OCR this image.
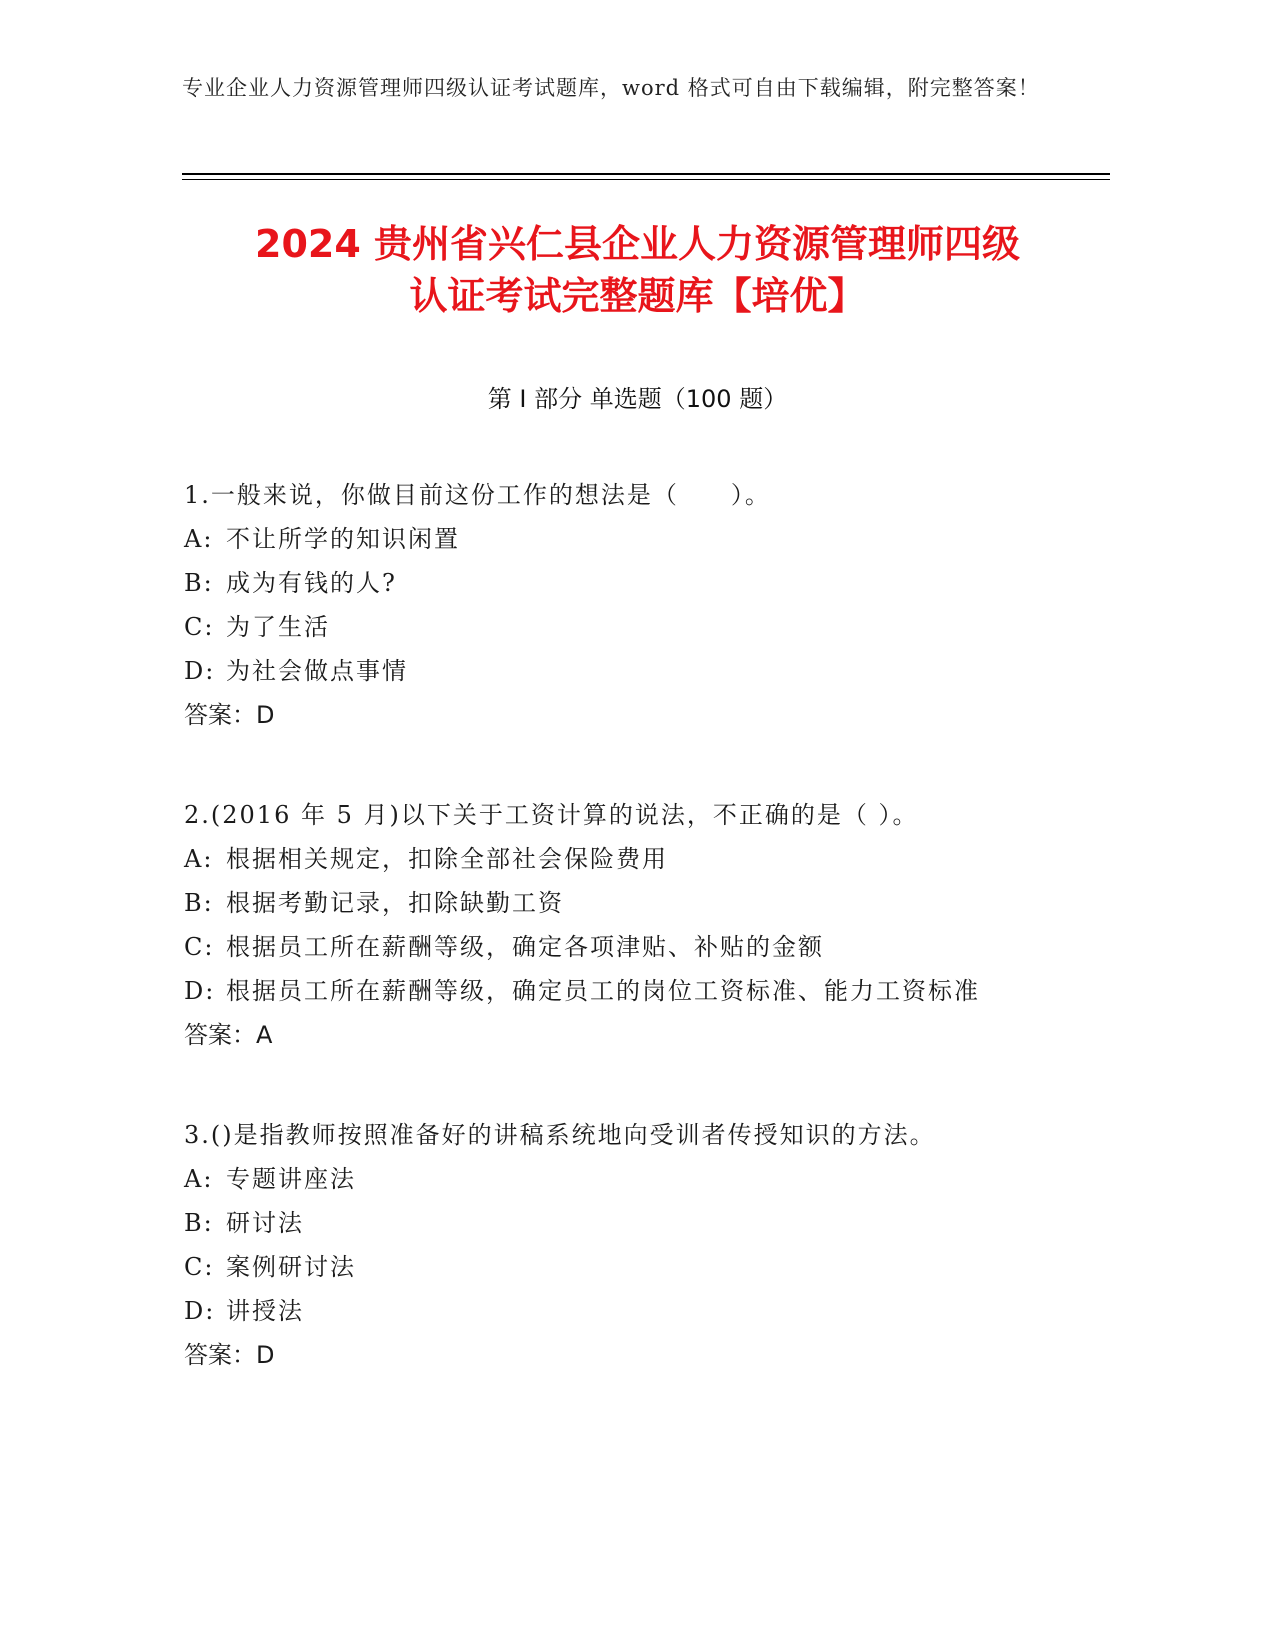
专业企业人力资源管理师四级认证考试题库，word 格式可自由下载编辑，附完整答案！
2024 贵州省兴仁县企业人力资源管理师四级
认证考试完整题库【培优】
第 I 部分 单选题（100 题）
1.一般来说，你做目前这份工作的想法是（　　）。
A: 不让所学的知识闲置
B: 成为有钱的人?
C: 为了生活
D: 为社会做点事情
答案：D
2.(2016 年 5 月)以下关于工资计算的说法，不正确的是（ ）。
A: 根据相关规定，扣除全部社会保险费用
B: 根据考勤记录，扣除缺勤工资
C: 根据员工所在薪酬等级，确定各项津贴、补贴的金额
D: 根据员工所在薪酬等级，确定员工的岗位工资标准、能力工资标准
答案：A
3.()是指教师按照准备好的讲稿系统地向受训者传授知识的方法。
A: 专题讲座法
B: 研讨法
C: 案例研讨法
D: 讲授法
答案：D
